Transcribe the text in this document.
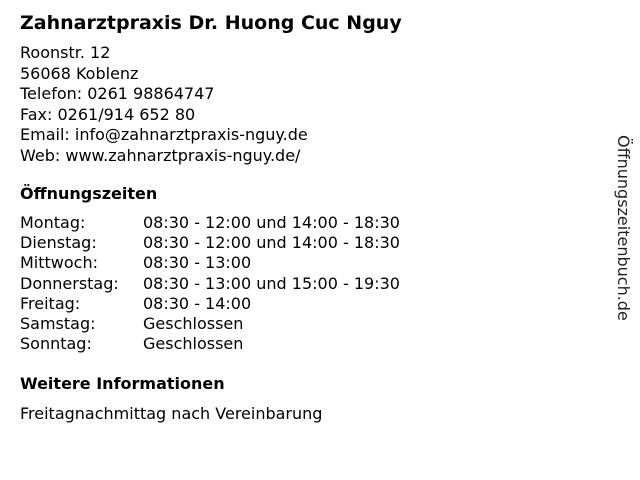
Zahnarztpraxis Dr. Huong Cuc Nguy
Roonstr. 12
56068 Koblenz
Telefon: 0261 98864747
Fax: 0261/914 652 80
Email: info@zahnarztpraxis-nguy.de
Web: www.zahnarztpraxis-nguy.de/
Öffnungszeiten
Montag:	08:30 - 12:00 und 14:00 - 18:30
Dienstag:	08:30 - 12:00 und 14:00 - 18:30
Mittwoch:	08:30 - 13:00
Donnerstag: 08:30 - 13:00 und 15:00 - 19:30
Freitag:	08:30 - 14:00
Samstag:	Geschlossen
Sonntag:	Geschlossen
Weitere Informationen
Freitagnachmittag nach Vereinbarung
Öffnungszeitenbuch.de
